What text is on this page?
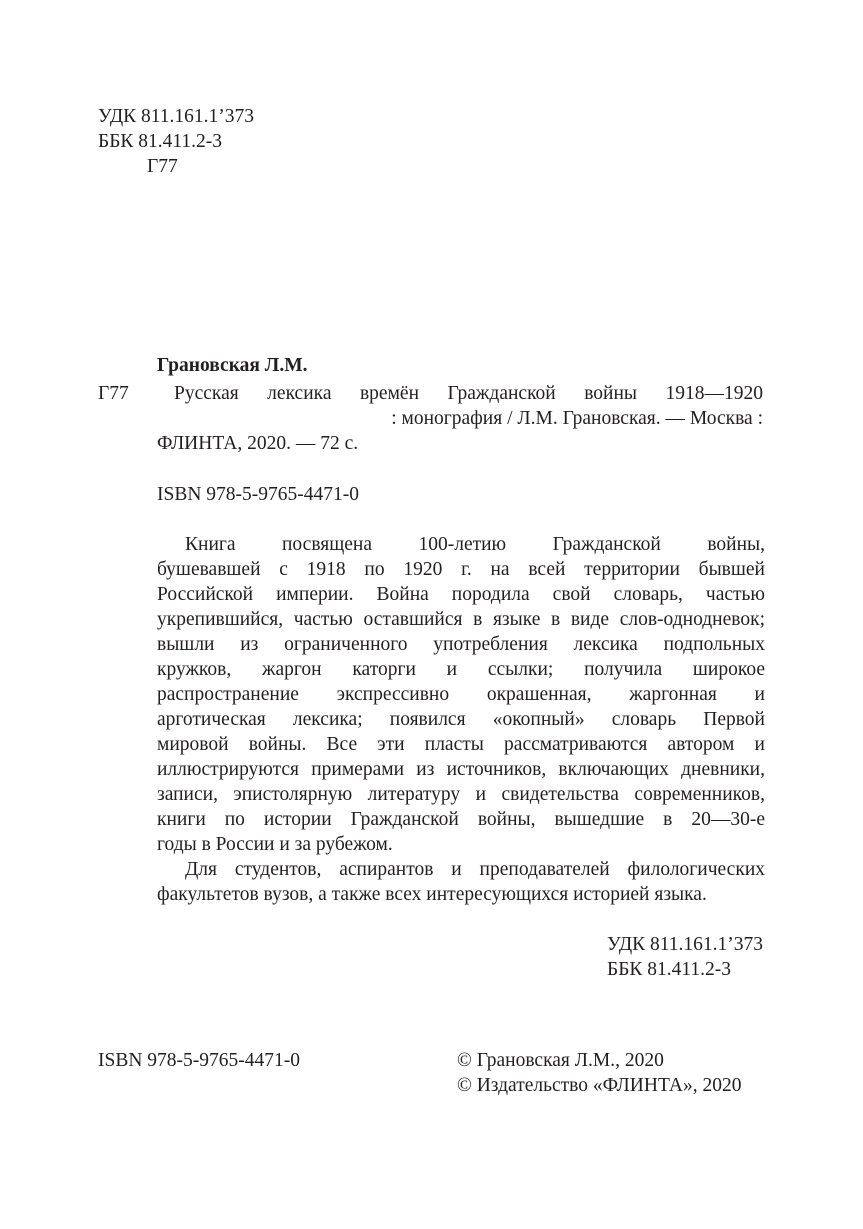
УДК 811.161.1’373
ББК 81.411.2-3
Г77
Грановская Л.М.
Г77	Русская лексика времён Гражданской войны 1918—1920
: монография / Л.М. Грановская. — Москва :
ФЛИНТА, 2020. — 72 с.
ISBN 978-5-9765-4471-0
Книга посвящена 100-летию Гражданской войны,
бушевавшей с 1918 по 1920 г. на всей территории бывшей
Российской империи. Война породила свой словарь, частью
укрепившийся, частью оставшийся в языке в виде слов-однодневок;
вышли из ограниченного употребления лексика подпольных
кружков, жаргон каторги и ссылки; получила широкое
распространение экспрессивно окрашенная, жаргонная и
арготическая лексика; появился «окопный» словарь Первой
мировой войны. Все эти пласты рассматриваются автором и
иллюстрируются примерами из источников, включающих дневники,
записи, эпистолярную литературу и свидетельства современников,
книги по истории Гражданской войны, вышедшие в 20—30-е
годы в России и за рубежом.
Для студентов, аспирантов и преподавателей филологических
факультетов вузов, а также всех интересующихся историей языка.
УДК 811.161.1’373
ББК 81.411.2-3
ISBN 978-5-9765-4471-0	© Грановская Л.М., 2020
© Издательство «ФЛИНТА», 2020
